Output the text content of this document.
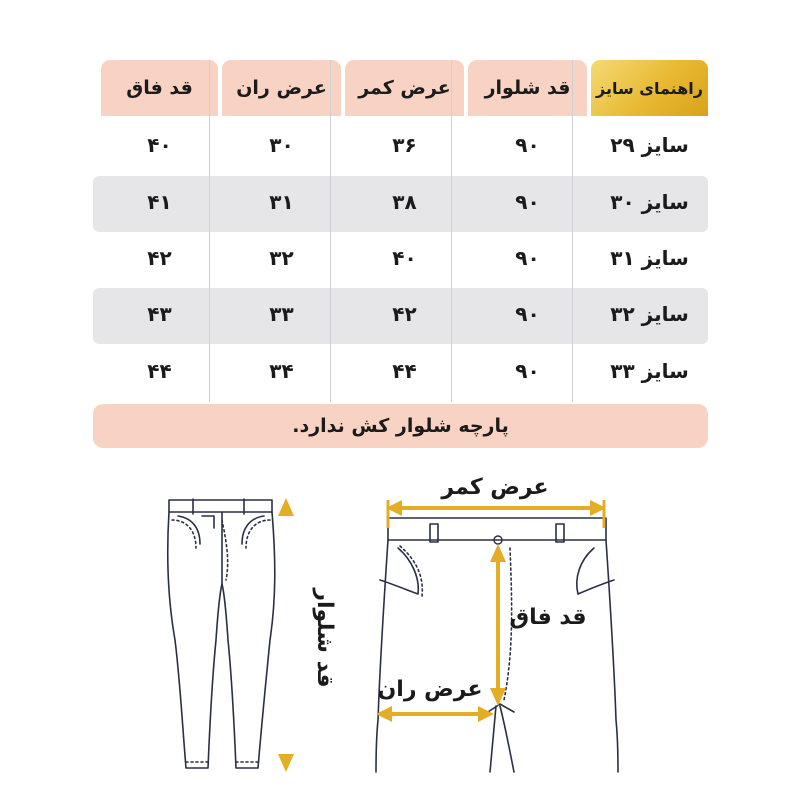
راهنمای سایز
قد شلوار
عرض کمر
عرض ران
قد فاق
سایز ۲۹
۹۰
۳۶
۳۰
۴۰
سایز ۳۰
۹۰
۳۸
۳۱
۴۱
سایز ۳۱
۹۰
۴۰
۳۲
۴۲
سایز ۳۲
۹۰
۴۲
۳۳
۴۳
سایز ۳۳
۹۰
۴۴
۳۴
۴۴
پارچه شلوار کش ندارد.
قد شلوار
عرض کمر
قد فاق
عرض ران
